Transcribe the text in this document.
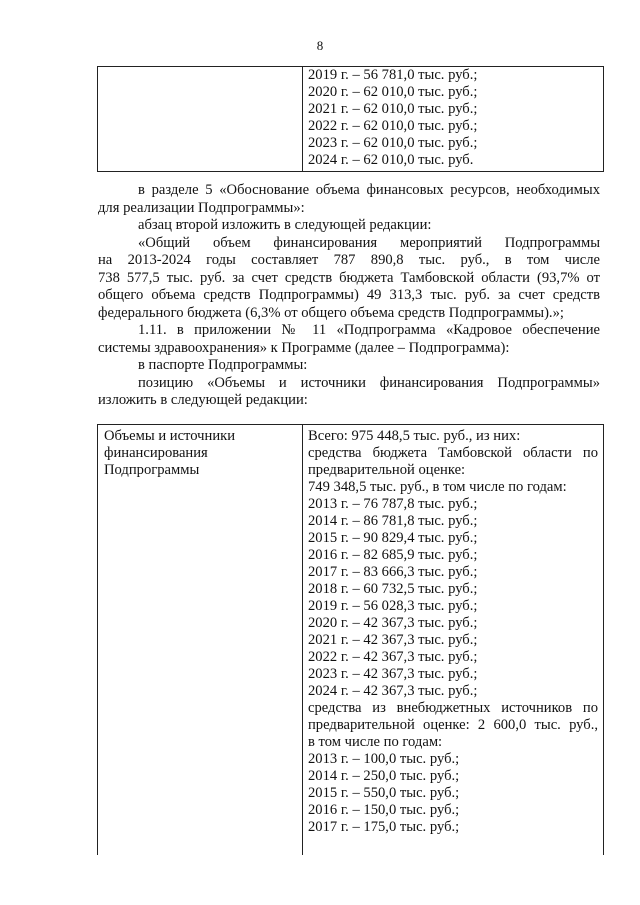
8
2019 г. – 56 781,0 тыс. руб.;
2020 г. – 62 010,0 тыс. руб.;
2021 г. – 62 010,0 тыс. руб.;
2022 г. – 62 010,0 тыс. руб.;
2023 г. – 62 010,0 тыс. руб.;
2024 г. – 62 010,0 тыс. руб.

в разделе 5 «Обоснование объема финансовых ресурсов, необходимых

для реализации Подпрограммы»:

абзац второй изложить в следующей редакции:

«Общий объем финансирования мероприятий Подпрограммы

на 2013-2024 годы составляет 787 890,8 тыс. руб., в том числе

738 577,5 тыс. руб. за счет средств бюджета Тамбовской области (93,7% от

общего объема средств Подпрограммы) 49 313,3 тыс. руб. за счет средств

федерального бюджета (6,3% от общего объема средств Подпрограммы).»;

1.11. в приложении № 11 «Подпрограмма «Кадровое обеспечение

системы здравоохранения» к Программе (далее – Подпрограмма):

в паспорте Подпрограммы:

позицию «Объемы и источники финансирования Подпрограммы»

изложить в следующей редакции:

Объемы и источники
финансирования
Подпрограммы
Всего: 975 448,5 тыс. руб., из них:
средства бюджета Тамбовской области по
предварительной оценке:
749 348,5 тыс. руб., в том числе по годам:
2013 г. – 76 787,8 тыс. руб.;
2014 г. – 86 781,8 тыс. руб.;
2015 г. – 90 829,4 тыс. руб.;
2016 г. – 82 685,9 тыс. руб.;
2017 г. – 83 666,3 тыс. руб.;
2018 г. – 60 732,5 тыс. руб.;
2019 г. – 56 028,3 тыс. руб.;
2020 г. – 42 367,3 тыс. руб.;
2021 г. – 42 367,3 тыс. руб.;
2022 г. – 42 367,3 тыс. руб.;
2023 г. – 42 367,3 тыс. руб.;
2024 г. – 42 367,3 тыс. руб.;
средства из внебюджетных источников по
предварительной оценке: 2 600,0 тыс. руб.,
в том числе по годам:
2013 г. – 100,0 тыс. руб.;
2014 г. – 250,0 тыс. руб.;
2015 г. – 550,0 тыс. руб.;
2016 г. – 150,0 тыс. руб.;
2017 г. – 175,0 тыс. руб.;
